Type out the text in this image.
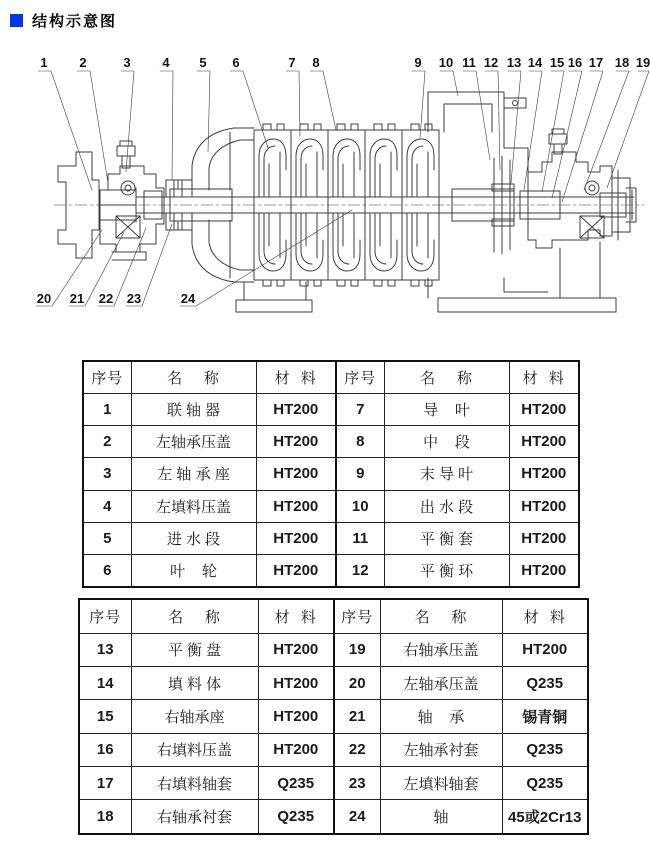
结构示意图
1 2	3 4 5 6	7 8	9 10 11 12 13 14 15 16 17 18 19
20 21 22 23	24
序号	名    称	材  料	序号	名    称	材  料
1	联 轴 器	HT200	7	导    叶	HT200
2	左轴承压盖	HT200	8	中    段	HT200
3	左 轴 承 座	HT200	9	末 导 叶	HT200
4	左填料压盖	HT200	10	出 水 段	HT200
5	进 水 段	HT200	11	平 衡 套	HT200
6	叶    轮	HT200	12	平 衡 环	HT200
序号	名    称	材  料	序号	名    称	材  料
13	平 衡 盘	HT200	19	右轴承压盖	HT200
14	填 料 体	HT200	20	左轴承压盖	Q235
15	右轴承座	HT200	21	轴    承	锡青铜
16	右填料压盖	HT200	22	左轴承衬套	Q235
17	右填料轴套	Q235	23	左填料轴套	Q235
18	右轴承衬套	Q235	24	轴	45或2Cr13
